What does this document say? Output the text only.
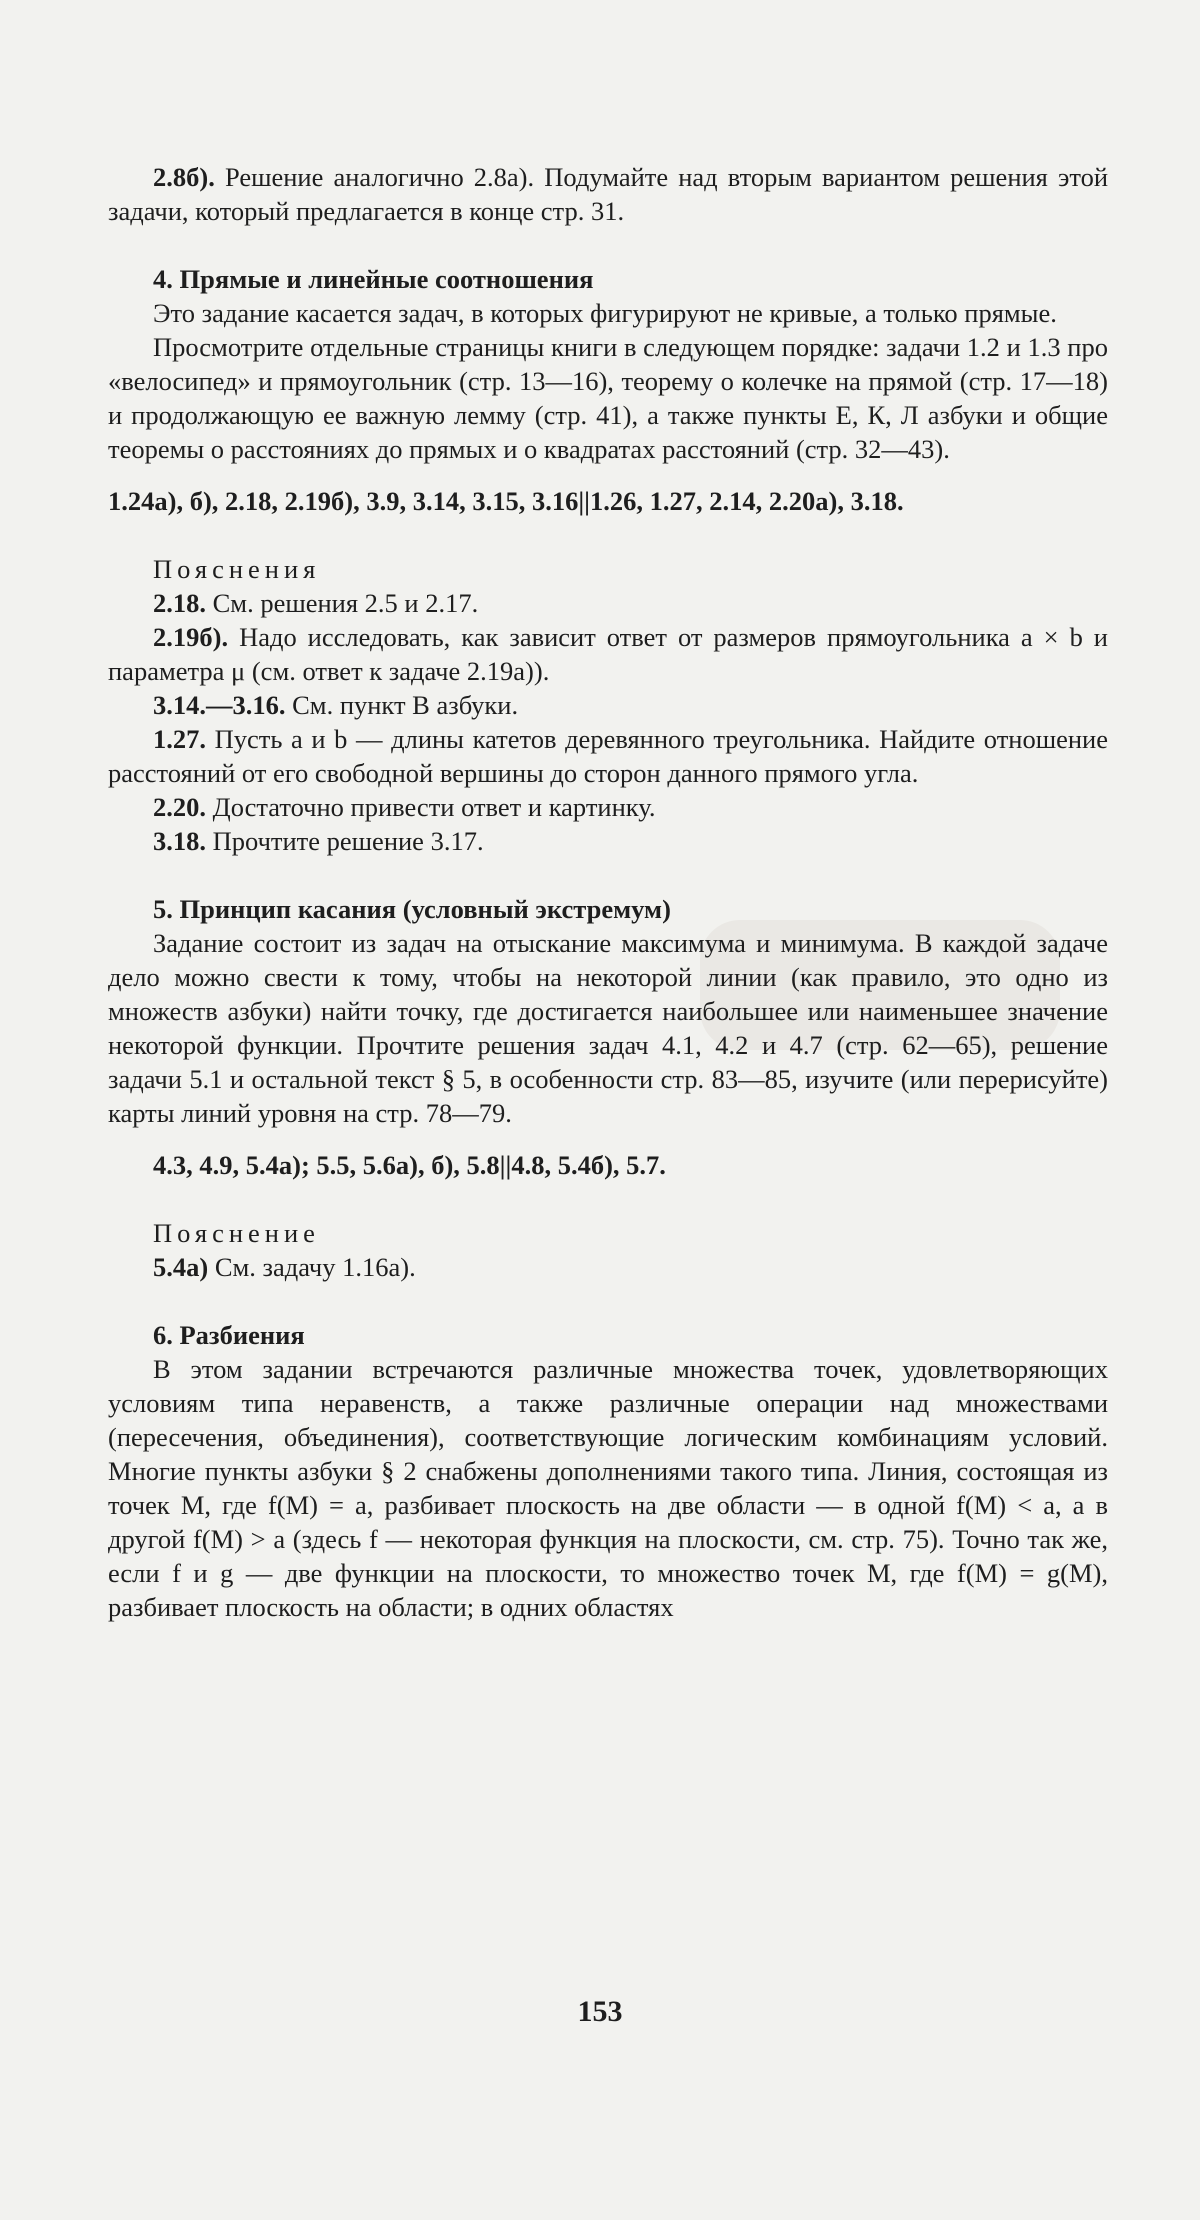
2.8б). Решение аналогично 2.8а). Подумайте над вторым вариантом решения этой задачи, который предлагается в конце стр. 31.

4. Прямые и линейные соотношения

Это задание касается задач, в которых фигурируют не кривые, а только прямые.

Просмотрите отдельные страницы книги в следующем порядке: задачи 1.2 и 1.3 про «велосипед» и прямоугольник (стр. 13—16), теорему о колечке на прямой (стр. 17—18) и продолжающую ее важную лемму (стр. 41), а также пункты Е, К, Л азбуки и общие теоремы о расстояниях до прямых и о квадратах расстояний (стр. 32—43).

1.24а), б), 2.18, 2.19б), 3.9, 3.14, 3.15, 3.16||1.26, 1.27, 2.14, 2.20а), 3.18.

Пояснения

2.18. См. решения 2.5 и 2.17.

2.19б). Надо исследовать, как зависит ответ от размеров прямоугольника a × b и параметра μ (см. ответ к задаче 2.19а)).

3.14.—3.16. См. пункт В азбуки.

1.27. Пусть a и b — длины катетов деревянного треугольника. Найдите отношение расстояний от его свободной вершины до сторон данного прямого угла.

2.20. Достаточно привести ответ и картинку.

3.18. Прочтите решение 3.17.

5. Принцип касания (условный экстремум)

Задание состоит из задач на отыскание максимума и минимума. В каждой задаче дело можно свести к тому, чтобы на некоторой линии (как правило, это одно из множеств азбуки) найти точку, где достигается наибольшее или наименьшее значение некоторой функции. Прочтите решения задач 4.1, 4.2 и 4.7 (стр. 62—65), решение задачи 5.1 и остальной текст § 5, в особенности стр. 83—85, изучите (или перерисуйте) карты линий уровня на стр. 78—79.

4.3, 4.9, 5.4а); 5.5, 5.6а), б), 5.8||4.8, 5.4б), 5.7.

Пояснение

5.4а) См. задачу 1.16а).

6. Разбиения

В этом задании встречаются различные множества точек, удовлетворяющих условиям типа неравенств, а также различные операции над множествами (пересечения, объединения), соответствующие логическим комбинациям условий. Многие пункты азбуки § 2 снабжены дополнениями такого типа. Линия, состоящая из точек M, где f(M) = a, разбивает плоскость на две области — в одной f(M) < a, а в другой f(M) > a (здесь f — некоторая функция на плоскости, см. стр. 75). Точно так же, если f и g — две функции на плоскости, то множество точек M, где f(M) = g(M), разбивает плоскость на области; в одних областях

153
